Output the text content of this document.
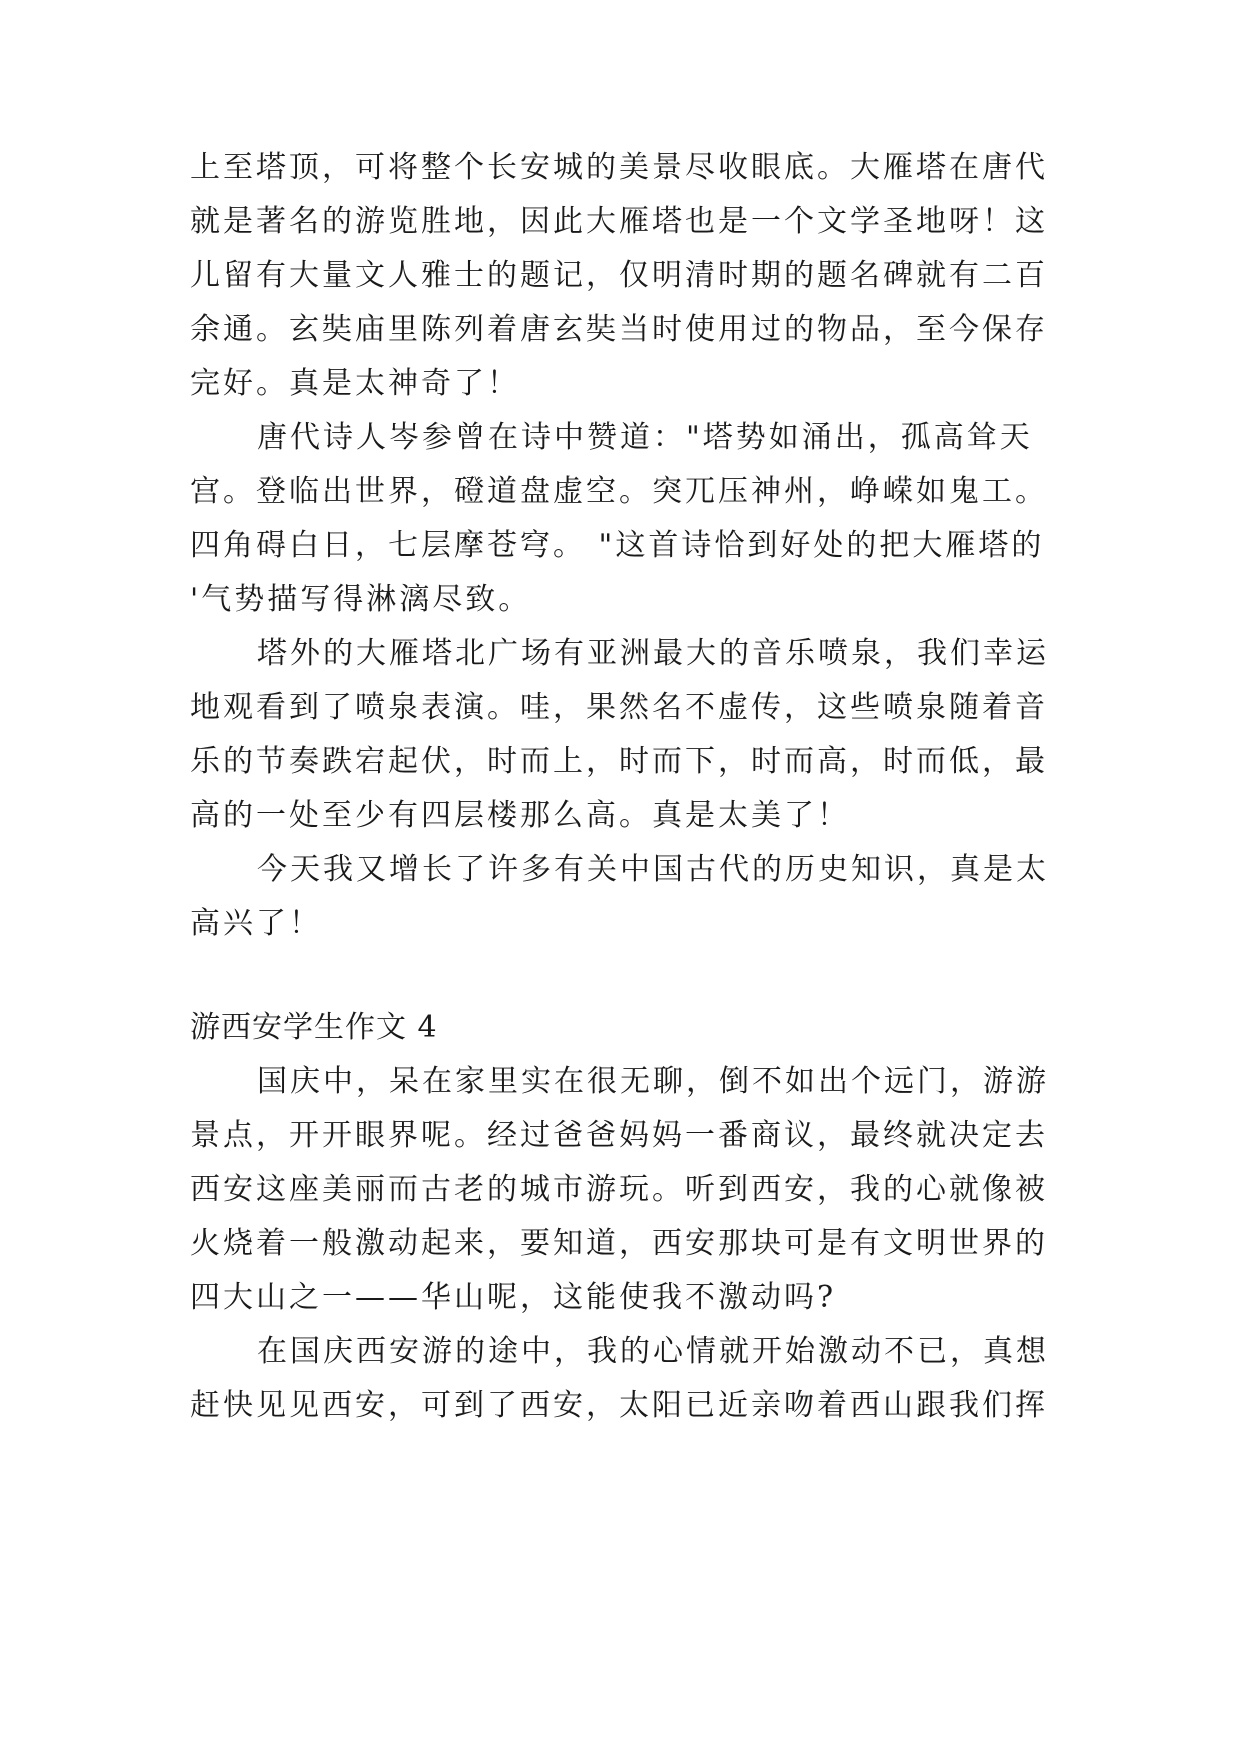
上至塔顶，可将整个长安城的美景尽收眼底。大雁塔在唐代
就是著名的游览胜地，因此大雁塔也是一个文学圣地呀！这
儿留有大量文人雅士的题记，仅明清时期的题名碑就有二百
余通。玄奘庙里陈列着唐玄奘当时使用过的物品，至今保存
完好。真是太神奇了！
唐代诗人岑参曾在诗中赞道："塔势如涌出，孤高耸天
宫。登临出世界，磴道盘虚空。突兀压神州，峥嵘如鬼工。
四角碍白日，七层摩苍穹。 "这首诗恰到好处的把大雁塔的
'气势描写得淋漓尽致。
塔外的大雁塔北广场有亚洲最大的音乐喷泉，我们幸运
地观看到了喷泉表演。哇，果然名不虚传，这些喷泉随着音
乐的节奏跌宕起伏，时而上，时而下，时而高，时而低，最
高的一处至少有四层楼那么高。真是太美了！
今天我又增长了许多有关中国古代的历史知识，真是太
高兴了！
游西安学生作文 4
国庆中，呆在家里实在很无聊，倒不如出个远门，游游
景点，开开眼界呢。经过爸爸妈妈一番商议，最终就决定去
西安这座美丽而古老的城市游玩。听到西安，我的心就像被
火烧着一般激动起来，要知道，西安那块可是有文明世界的
四大山之一——华山呢，这能使我不激动吗?
在国庆西安游的途中，我的心情就开始激动不已，真想
赶快见见西安，可到了西安，太阳已近亲吻着西山跟我们挥
